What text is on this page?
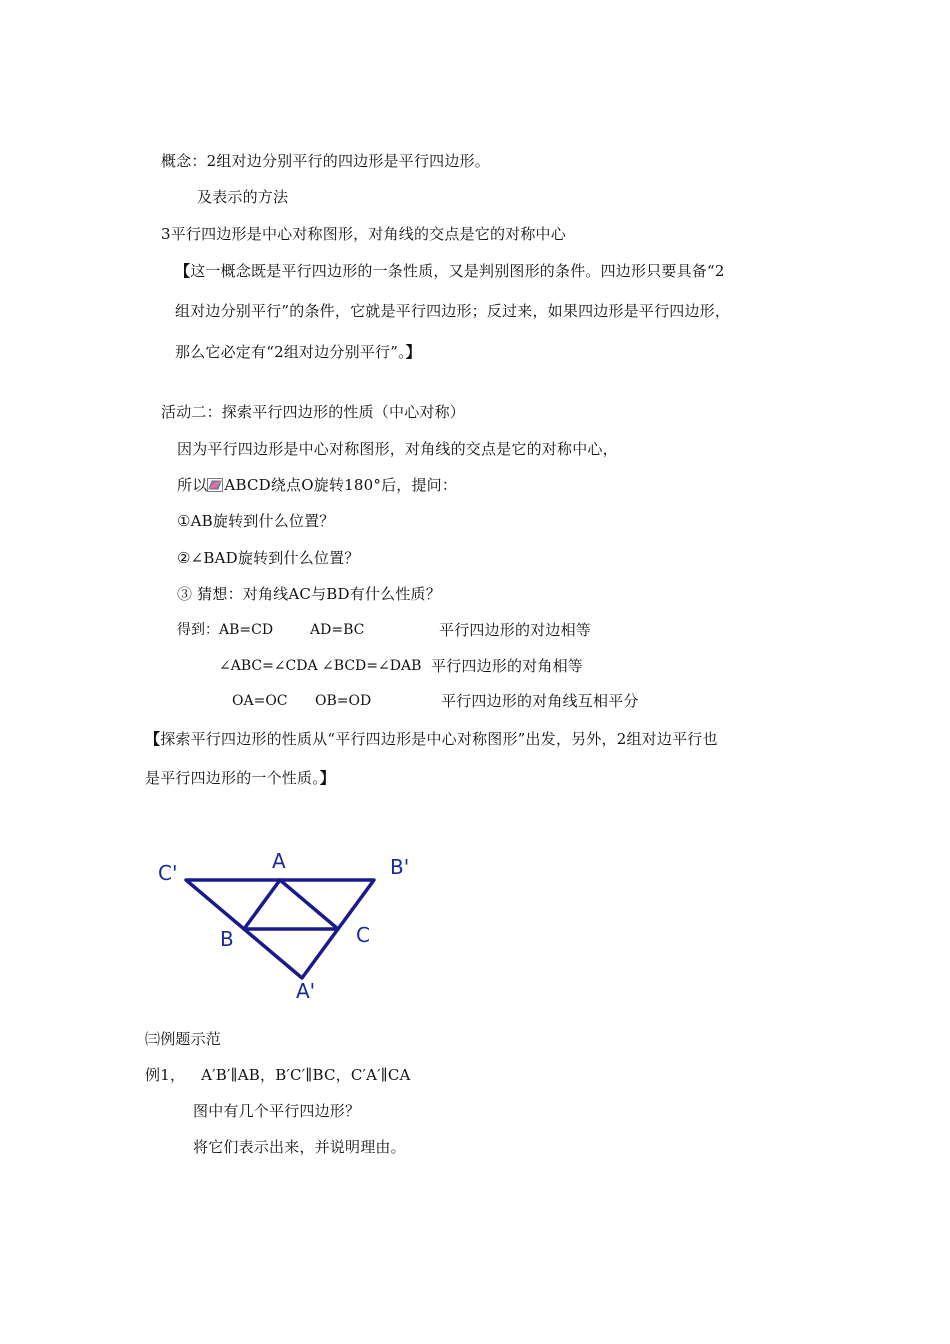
概念：2组对边分别平行的四边形是平行四边形。
及表示的方法
3平行四边形是中心对称图形，对角线的交点是它的对称中心
【这一概念既是平行四边形的一条性质，又是判别图形的条件。四边形只要具备“2
组对边分别平行”的条件，它就是平行四边形；反过来，如果四边形是平行四边形，
那么它必定有“2组对边分别平行”。】
活动二：探索平行四边形的性质（中心对称）
因为平行四边形是中心对称图形，对角线的交点是它的对称中心，
所以 ABCD绕点O旋转180°后，提问：
①AB旋转到什么位置？
②∠BAD旋转到什么位置？
③ 猜想：对角线AC与BD有什么性质？
得到：AB=CD	AD=BC	平行四边形的对边相等
∠ABC=∠CDA ∠BCD=∠DAB 平行四边形的对角相等
OA=OC OB=OD	平行四边形的对角线互相平分
【探索平行四边形的性质从“平行四边形是中心对称图形”出发，另外，2组对边平行也
是平行四边形的一个性质。】
C'	A	B'
B	C
A'
㈢例题示范
例1， A′B′∥AB，B′C′∥BC，C′A′∥CA
图中有几个平行四边形？
将它们表示出来，并说明理由。
